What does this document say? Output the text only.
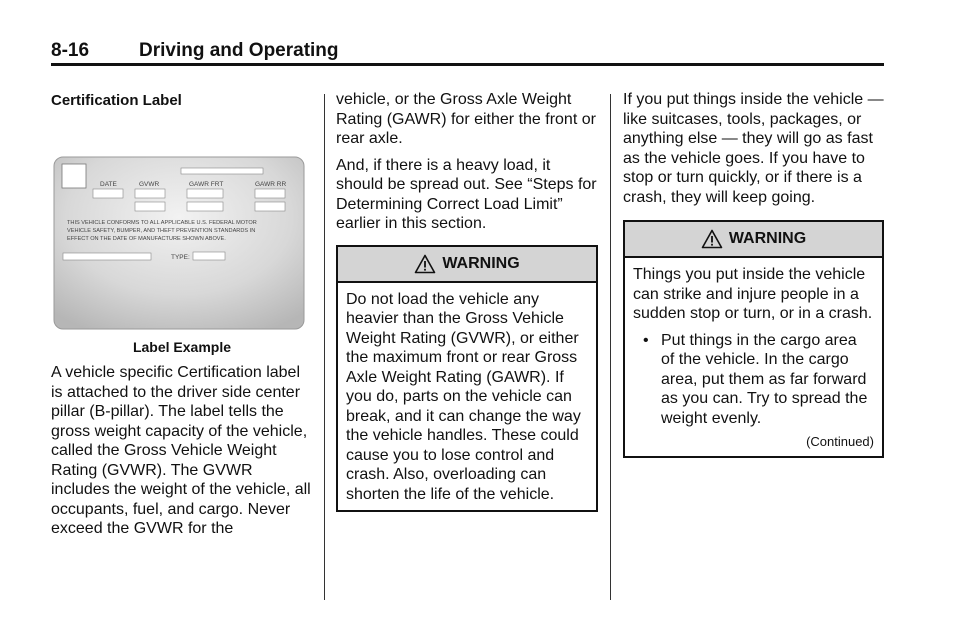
8-16	Driving and Operating
Certification Label
DATE	GVWR	GAWR FRT	GAWR RR
THIS VEHICLE CONFORMS TO ALL APPLICABLE U.S. FEDERAL MOTOR
VEHICLE SAFETY, BUMPER, AND THEFT PREVENTION STANDARDS IN
EFFECT ON THE DATE OF MANUFACTURE SHOWN ABOVE.
TYPE:
Label Example
A vehicle specific Certification label is attached to the driver side center pillar (B-pillar). The label tells the gross weight capacity of the vehicle, called the Gross Vehicle Weight Rating (GVWR). The GVWR includes the weight of the vehicle, all occupants, fuel, and cargo. Never exceed the GVWR for the
vehicle, or the Gross Axle Weight Rating (GAWR) for either the front or rear axle.
And, if there is a heavy load, it should be spread out. See “Steps for Determining Correct Load Limit” earlier in this section.
WARNING
Do not load the vehicle any heavier than the Gross Vehicle Weight Rating (GVWR), or either the maximum front or rear Gross Axle Weight Rating (GAWR). If you do, parts on the vehicle can break, and it can change the way the vehicle handles. These could cause you to lose control and crash. Also, overloading can shorten the life of the vehicle.
If you put things inside the vehicle — like suitcases, tools, packages, or anything else — they will go as fast as the vehicle goes. If you have to stop or turn quickly, or if there is a crash, they will keep going.
WARNING
Things you put inside the vehicle can strike and injure people in a sudden stop or turn, or in a crash.
• Put things in the cargo area of the vehicle. In the cargo area, put them as far forward as you can. Try to spread the weight evenly.
(Continued)
